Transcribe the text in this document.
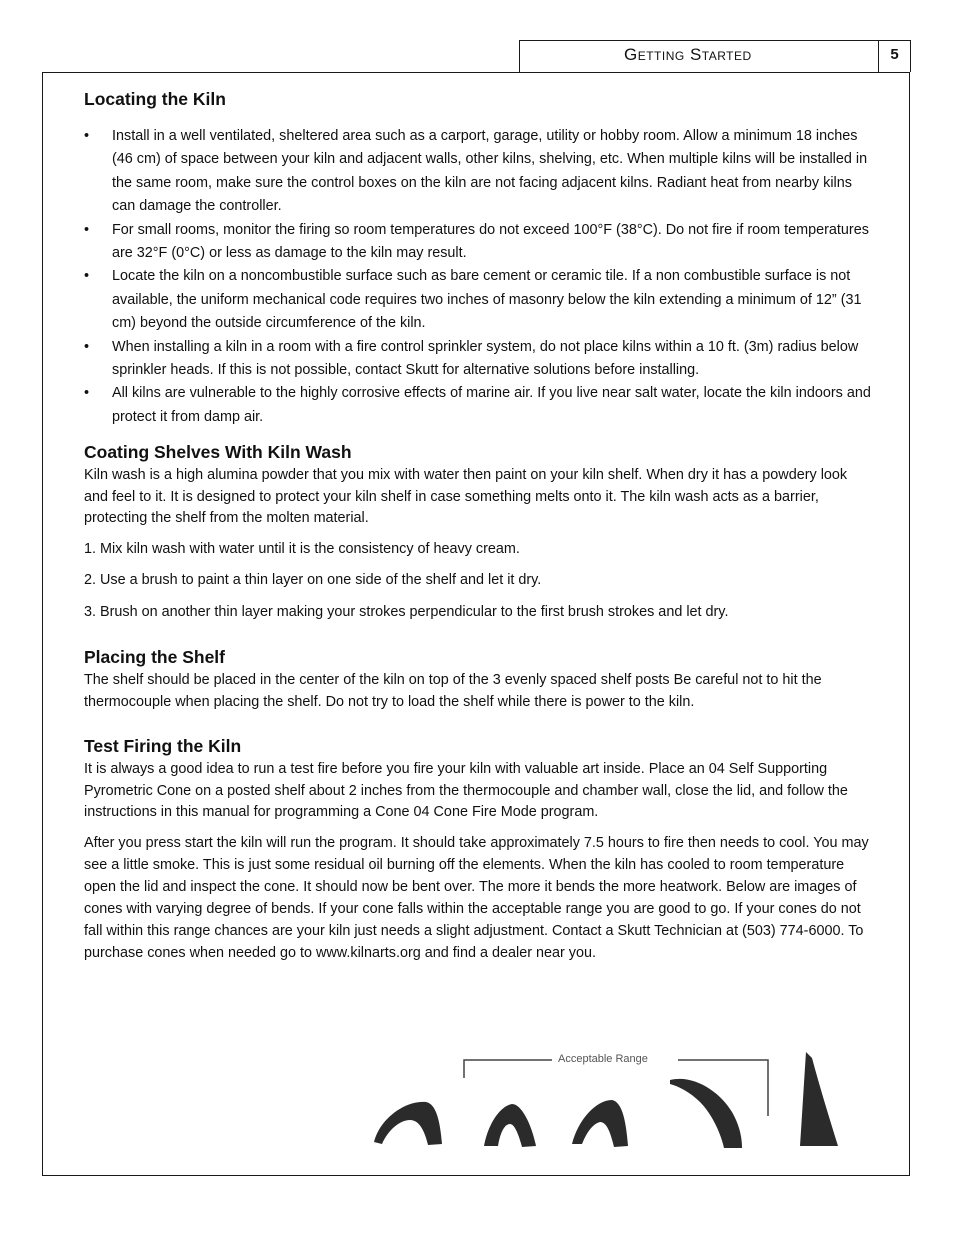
Getting Started	5
Locating the Kiln
• Install in a well ventilated, sheltered area such as a carport, garage, utility or hobby room. Allow a minimum 18 inches (46 cm) of space between your kiln and adjacent walls, other kilns, shelving, etc. When multiple kilns will be installed in the same room, make sure the control boxes on the kiln are not facing adjacent kilns. Radiant heat from nearby kilns can damage the controller.
• For small rooms, monitor the firing so room temperatures do not exceed 100°F (38°C). Do not fire if room temperatures are 32°F (0°C) or less as damage to the kiln may result.
• Locate the kiln on a noncombustible surface such as bare cement or ceramic tile. If a non combustible surface is not available, the uniform mechanical code requires two inches of masonry below the kiln extending a minimum of 12” (31 cm) beyond the outside circumference of the kiln.
• When installing a kiln in a room with a fire control sprinkler system, do not place kilns within a 10 ft. (3m) radius below sprinkler heads. If this is not possible, contact Skutt for alternative solutions before installing.
• All kilns are vulnerable to the highly corrosive effects of marine air. If you live near salt water, locate the kiln indoors and protect it from damp air.
Coating Shelves With Kiln Wash

Kiln wash is a high alumina powder that you mix with water then paint on your kiln shelf. When dry it has a powdery look and feel to it. It is designed to protect your kiln shelf in case something melts onto it. The kiln wash acts as a barrier, protecting the shelf from the molten material.

1. Mix kiln wash with water until it is the consistency of heavy cream.

2. Use a brush to paint a thin layer on one side of the shelf and let it dry.

3. Brush on another thin layer making your strokes perpendicular to the first brush strokes and let dry.

Placing the Shelf

The shelf should be placed in the center of the kiln on top of the 3 evenly spaced shelf posts Be careful not to hit the thermocouple when placing the shelf. Do not try to load the shelf while there is power to the kiln.

Test Firing the Kiln

It is always a good idea to run a test fire before you fire your kiln with valuable art inside. Place an 04 Self Supporting Pyrometric Cone on a posted shelf about 2 inches from the thermocouple and chamber wall, close the lid, and follow the instructions in this manual for programming a Cone 04 Cone Fire Mode program.

After you press start the kiln will run the program. It should take approximately 7.5 hours to fire then needs to cool. You may see a little smoke. This is just some residual oil burning off the elements. When the kiln has cooled to room temperature open the lid and inspect the cone. It should now be bent over. The more it bends the more heatwork. Below are images of cones with varying degree of bends. If your cone falls within the acceptable range you are good to go. If your cones do not fall within this range chances are your kiln just needs a slight adjustment. Contact a Skutt Technician at (503) 774-6000. To purchase cones when needed go to www.kilnarts.org and find a dealer near you.

Acceptable Range
